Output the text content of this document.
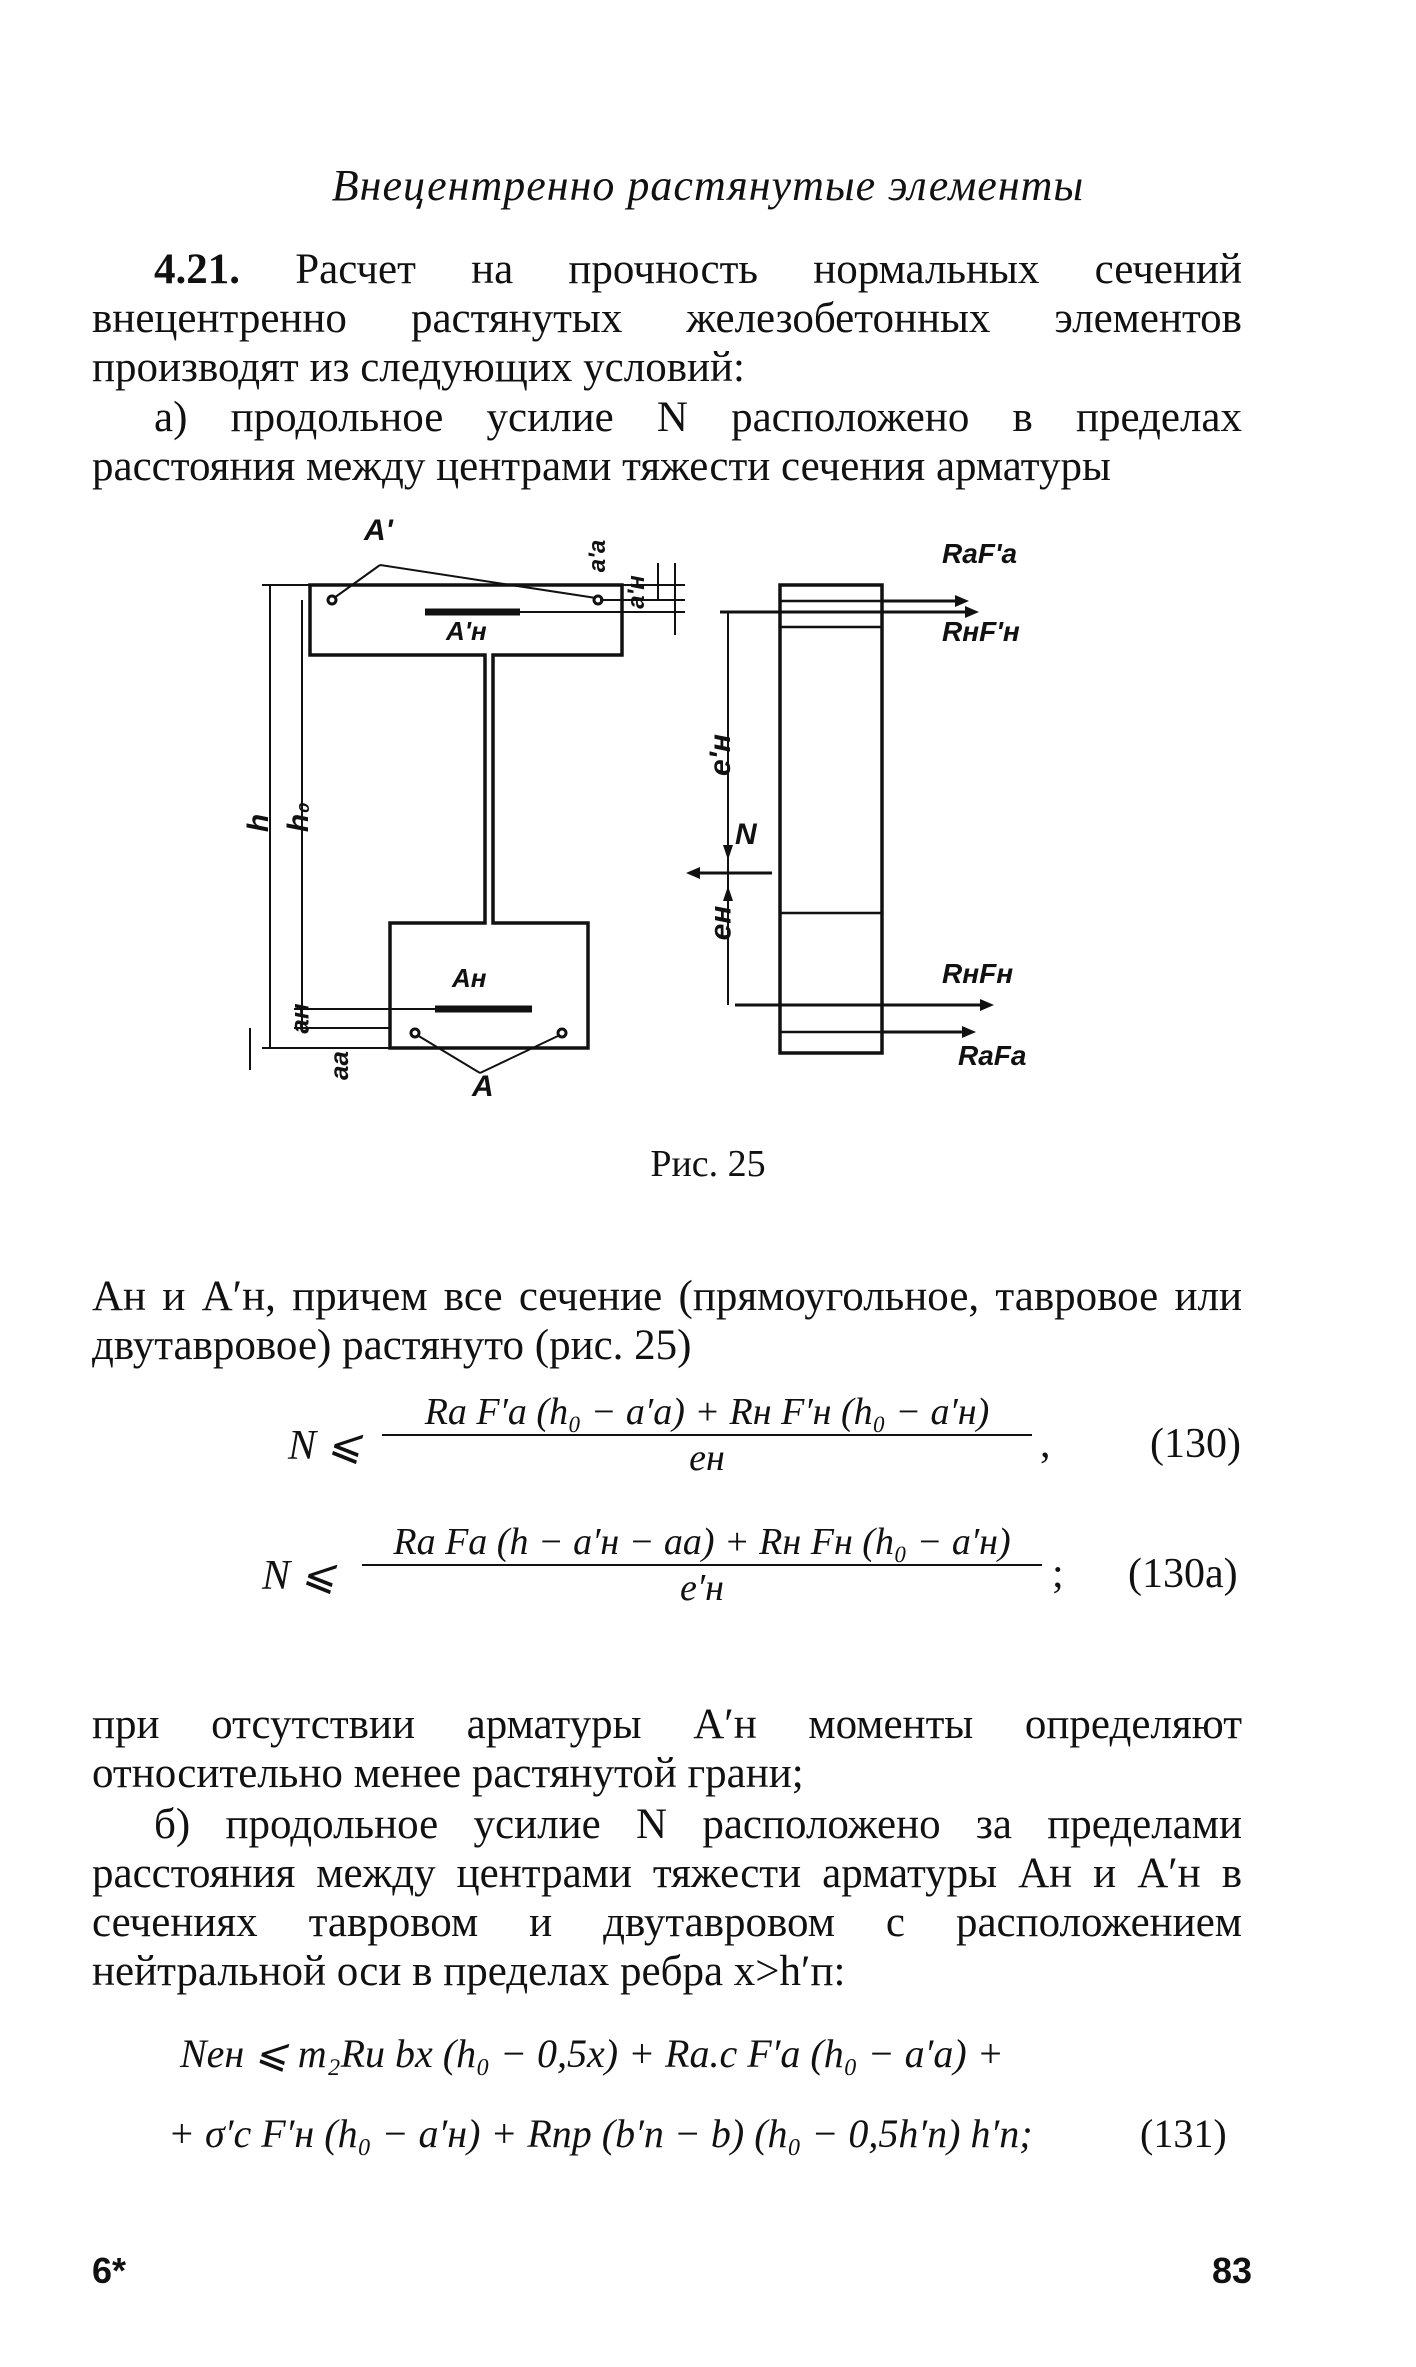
Внецентренно растянутые элементы
4.21. Расчет на прочность нормальных сечений внецентренно растянутых железобетонных элементов производят из следующих условий:
а) продольное усилие N расположено в пределах расстояния между центрами тяжести сечения арматуры
A'
A'н
Aн
A
h h₀
aн
aа
a'a
a'н
e'н
eн
N
RaF'a
RнF'н
RнFн
RaFa
Рис. 25
Aн и A′н, причем все сечение (прямоугольное, тавровое или двутавровое) растянуто (рис. 25)
N ⩽
Rа F′а (h₀ − a′а) + Rн F′н (h₀ − a′н)
eн	, (130)
N ⩽
Rа Fа (h − a′н − aа) + Rн Fн (h₀ − a′н)
e′н	; (130a)
при отсутствии арматуры A′н моменты определяют относительно менее растянутой грани;
б) продольное усилие N расположено за пределами расстояния между центрами тяжести арматуры Aн и A′н в сечениях тавровом и двутавровом с расположением нейтральной оси в пределах ребра x>h′п:
Neн ⩽ m₂Rи bx (h₀ − 0,5x) + Rа.с F′а (h₀ − a′а) +
+ σ′с F′н (h₀ − a′н) + Rпр (b′п − b) (h₀ − 0,5h′п) h′п;	(131)
6*	83
